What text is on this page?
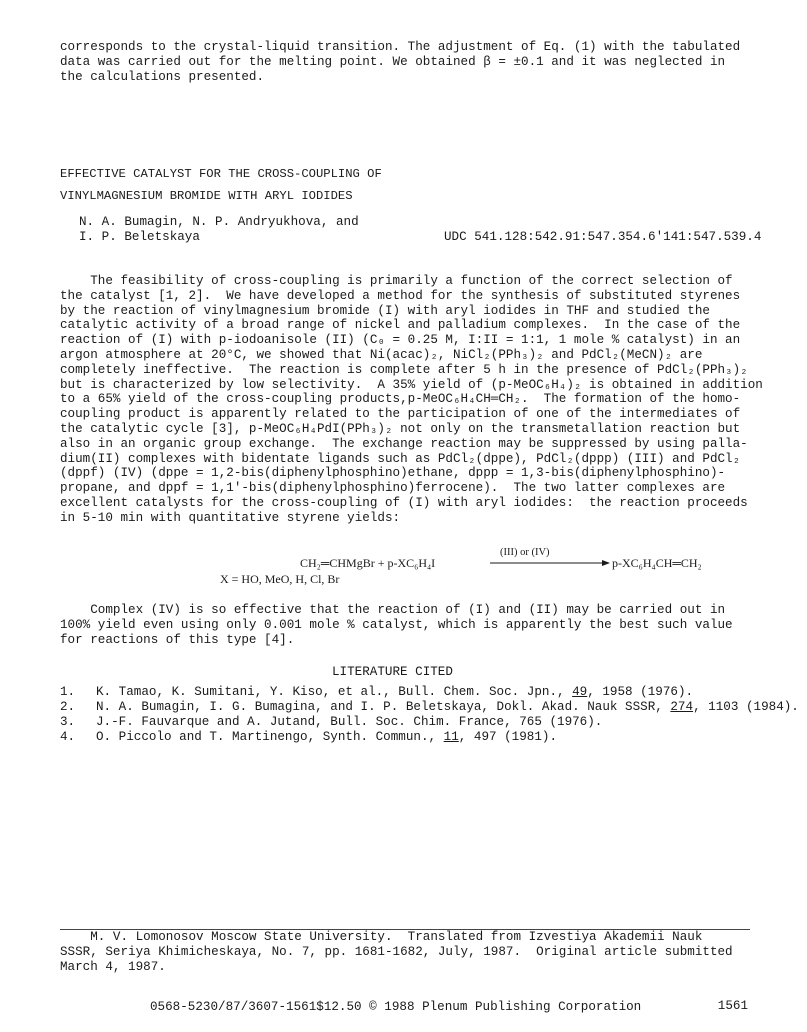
corresponds to the crystal-liquid transition. The adjustment of Eq. (1) with the tabulated data was carried out for the melting point. We obtained β = ±0.1 and it was neglected in the calculations presented.

EFFECTIVE CATALYST FOR THE CROSS-COUPLING OF
VINYLMAGNESIUM BROMIDE WITH ARYL IODIDES
N. A. Bumagin, N. P. Andryukhova, and
I. P. Beletskaya	UDC 541.128:542.91:547.354.6'141:547.539.4
The feasibility of cross-coupling is primarily a function of the correct selection of
the catalyst [1, 2].  We have developed a method for the synthesis of substituted styrenes
by the reaction of vinylmagnesium bromide (I) with aryl iodides in THF and studied the
catalytic activity of a broad range of nickel and palladium complexes.  In the case of the
reaction of (I) with p-iodoanisole (II) (C₀ = 0.25 M, I:II = 1:1, 1 mole % catalyst) in an
argon atmosphere at 20°C, we showed that Ni(acac)₂, NiCl₂(PPh₃)₂ and PdCl₂(MeCN)₂ are
completely ineffective.  The reaction is complete after 5 h in the presence of PdCl₂(PPh₃)₂
but is characterized by low selectivity.  A 35% yield of (p-MeOC₆H₄)₂ is obtained in addition
to a 65% yield of the cross-coupling products,p-MeOC₆H₄CH═CH₂.  The formation of the homo-
coupling product is apparently related to the participation of one of the intermediates of
the catalytic cycle [3], p-MeOC₆H₄PdI(PPh₃)₂ not only on the transmetallation reaction but
also in an organic group exchange.  The exchange reaction may be suppressed by using palla-
dium(II) complexes with bidentate ligands such as PdCl₂(dppe), PdCl₂(dppp) (III) and PdCl₂
(dppf) (IV) (dppe = 1,2-bis(diphenylphosphino)ethane, dppp = 1,3-bis(diphenylphosphino)-
propane, and dppf = 1,1'-bis(diphenylphosphino)ferrocene).  The two latter complexes are
excellent catalysts for the cross-coupling of (I) with aryl iodides:  the reaction proceeds
in 5-10 min with quantitative styrene yields:
CH₂═CHMgBr + p-XC₆H₄I
(III) or (IV)
p-XC₆H₄CH═CH₂
X = HO, MeO, H, Cl, Br
Complex (IV) is so effective that the reaction of (I) and (II) may be carried out in
100% yield even using only 0.001 mole % catalyst, which is apparently the best such value
for reactions of this type [4].
LITERATURE CITED
1.	K. Tamao, K. Sumitani, Y. Kiso, et al., Bull. Chem. Soc. Jpn., 49, 1958 (1976).
2.	N. A. Bumagin, I. G. Bumagina, and I. P. Beletskaya, Dokl. Akad. Nauk SSSR, 274, 1103 (1984).
3.	J.-F. Fauvarque and A. Jutand, Bull. Soc. Chim. France, 765 (1976).
4.	O. Piccolo and T. Martinengo, Synth. Commun., 11, 497 (1981).
M. V. Lomonosov Moscow State University.  Translated from Izvestiya Akademii Nauk
SSSR, Seriya Khimicheskaya, No. 7, pp. 1681-1682, July, 1987.  Original article submitted
March 4, 1987.
0568-5230/87/3607-1561$12.50 © 1988 Plenum Publishing Corporation	1561
